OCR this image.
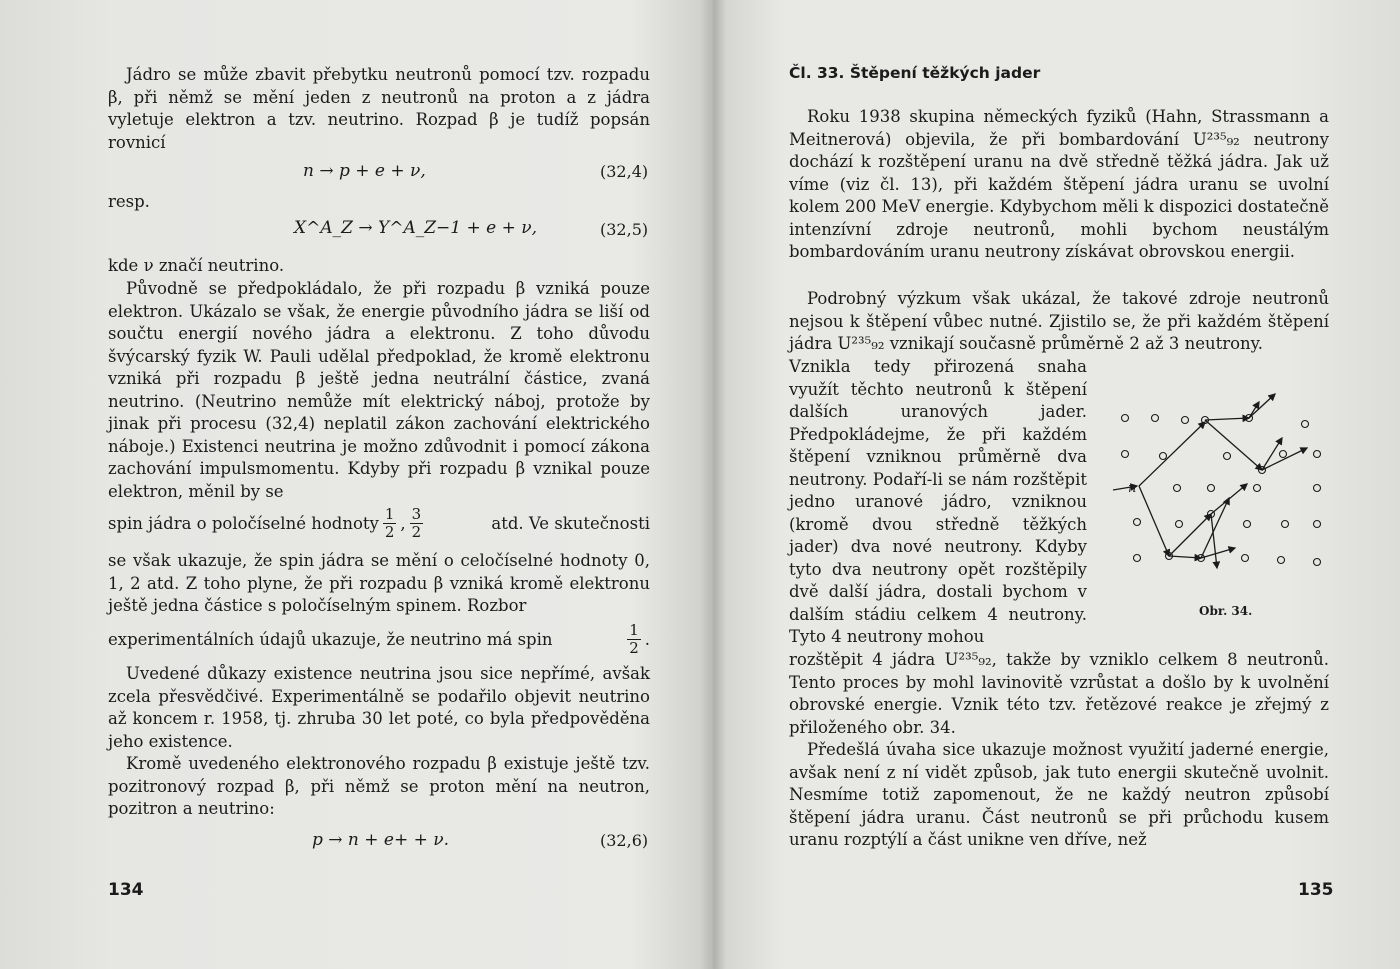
Jádro se může zbavit přebytku neutronů pomocí tzv. rozpadu β, při němž se mění jeden z neutronů na proton a z jádra vyletuje elektron a tzv. neutrino. Rozpad β je tudíž popsán rovnicí

n → p + e + ν,	(32,4)
resp.
X^A_Z → Y^A_Z−1 + e + ν,	(32,5)
kde ν značí neutrino.

Původně se předpokládalo, že při rozpadu β vzniká pouze elektron. Ukázalo se však, že energie původního jádra se liší od součtu energií nového jádra a elektronu. Z toho důvodu švýcarský fyzik W. Pauli udělal předpoklad, že kromě elektronu vzniká při rozpadu β ještě jedna neutrální částice, zvaná neutrino. (Neutrino nemůže mít elektrický náboj, protože by jinak při procesu (32,4) neplatil zákon zachování elektrického náboje.) Existenci neutrina je možno zdůvodnit i pomocí zákona zachování impulsmomentu. Kdyby při rozpadu β vznikal pouze elektron, měnil by se

spin jádra o poločíselné hodnoty $\frac{1}{2}$ , $\frac{3}{2}$	atd. Ve skutečnosti

se však ukazuje, že spin jádra se mění o celočíselné hodnoty 0, 1, 2 atd. Z toho plyne, že při rozpadu β vzniká kromě elektronu ještě jedna částice s poločíselným spinem. Rozbor

experimentálních údajů ukazuje, že neutrino má spin	$\frac{1}{2}$ .

Uvedené důkazy existence neutrina jsou sice nepřímé, avšak zcela přesvědčivé. Experimentálně se podařilo objevit neutrino až koncem r. 1958, tj. zhruba 30 let poté, co byla předpověděna jeho existence.

Kromě uvedeného elektronového rozpadu β existuje ještě tzv. pozitronový rozpad β, při němž se proton mění na neutron, pozitron a neutrino:

p → n + e+ + ν.	(32,6)
134
Čl. 33. Štěpení těžkých jader

Roku 1938 skupina německých fyziků (Hahn, Strassmann a Meitnerová) objevila, že při bombardování U²³⁵₉₂ neutrony dochází k rozštěpení uranu na dvě středně těžká jádra. Jak už víme (viz čl. 13), při každém štěpení jádra uranu se uvolní kolem 200 MeV energie. Kdybychom měli k dispozici dostatečně intenzívní zdroje neutronů, mohli bychom neustálým bombardováním uranu neutrony získávat obrovskou energii.

Podrobný výzkum však ukázal, že takové zdroje neutronů nejsou k štěpení vůbec nutné. Zjistilo se, že při každém štěpení jádra U²³⁵₉₂ vznikají současně průměrně 2 až 3 neutrony.

Vznikla tedy přirozená snaha využít těchto neutronů k štěpení dalších uranových jader. Předpokládejme, že při každém štěpení vzniknou průměrně dva neutrony. Podaří-li se nám rozštěpit jedno uranové jádro, vzniknou (kromě dvou středně těžkých jader) dva nové neutrony. Kdyby tyto dva neutrony opět rozštěpily dvě další jádra, dostali bychom v dalším stádiu celkem 4 neutrony. Tyto 4 neutrony mohou

rozštěpit 4 jádra U²³⁵₉₂, takže by vzniklo celkem 8 neutronů. Tento proces by mohl lavinovitě vzrůstat a došlo by k uvolnění obrovské energie. Vznik této tzv. řetězové reakce je zřejmý z přiloženého obr. 34.

Předešlá úvaha sice ukazuje možnost využití jaderné energie, avšak není z ní vidět způsob, jak tuto energii skutečně uvolnit. Nesmíme totiž zapomenout, že ne každý neutron způsobí štěpení jádra uranu. Část neutronů se při průchodu kusem uranu rozptýlí a část unikne ven dříve, než

n
Obr. 34.
135
